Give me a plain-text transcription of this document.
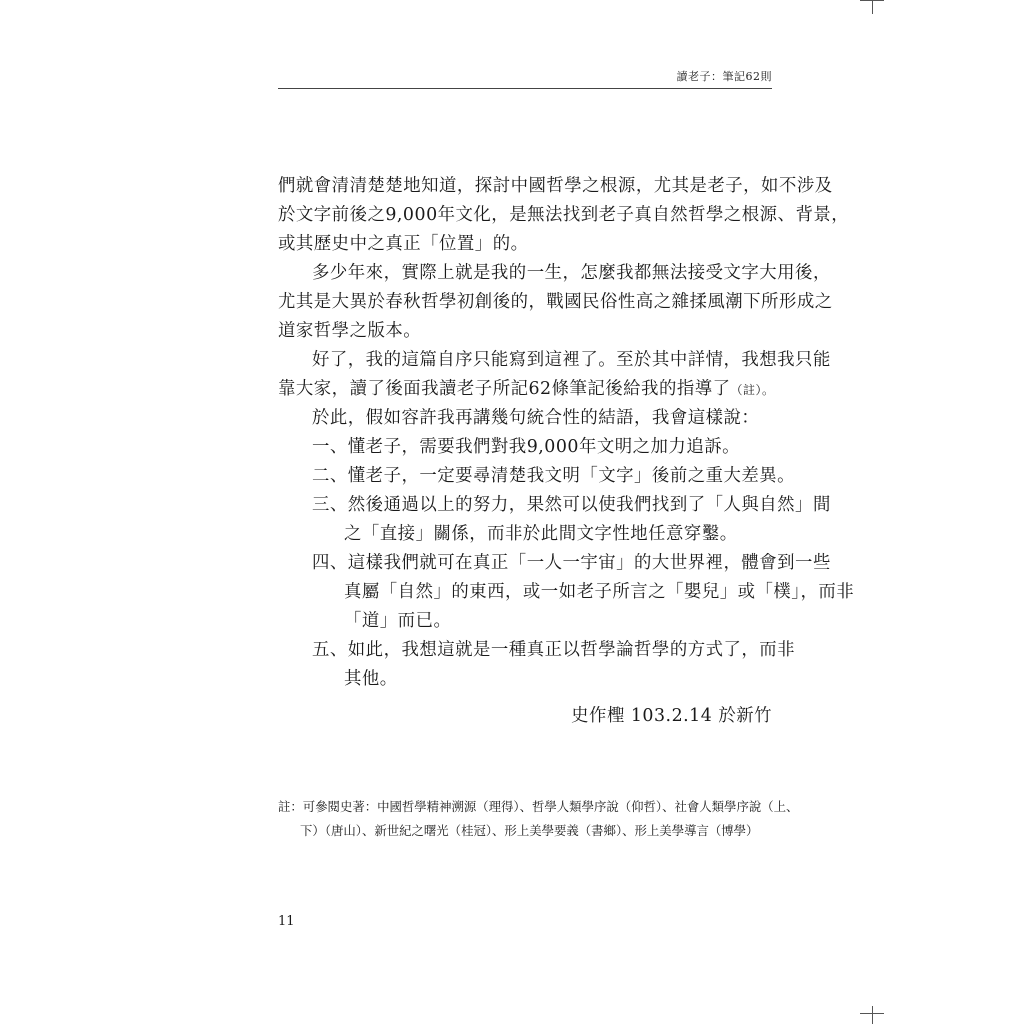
讀老子：筆記62則
們就會清清楚楚地知道，探討中國哲學之根源，尤其是老子，如不涉及
於文字前後之9,000年文化，是無法找到老子真自然哲學之根源、背景，
或其歷史中之真正「位置」的。
多少年來，實際上就是我的一生，怎麼我都無法接受文字大用後，
尤其是大異於春秋哲學初創後的，戰國民俗性高之雜揉風潮下所形成之
道家哲學之版本。
好了，我的這篇自序只能寫到這裡了。至於其中詳情，我想我只能
靠大家，讀了後面我讀老子所記62條筆記後給我的指導了（註）。
於此，假如容許我再講幾句統合性的結語，我會這樣說：
一、懂老子，需要我們對我9,000年文明之加力追訴。
二、懂老子，一定要尋清楚我文明「文字」後前之重大差異。
三、然後通過以上的努力，果然可以使我們找到了「人與自然」間
之「直接」關係，而非於此間文字性地任意穿鑿。
四、這樣我們就可在真正「一人一宇宙」的大世界裡，體會到一些
真屬「自然」的東西，或一如老子所言之「嬰兒」或「樸」，而非
「道」而已。
五、如此，我想這就是一種真正以哲學論哲學的方式了，而非
其他。
史作檉 103.2.14 於新竹
註：可參閱史著：中國哲學精神溯源（理得）、哲學人類學序說（仰哲）、社會人類學序說（上、
下）（唐山）、新世紀之曙光（桂冠）、形上美學要義（書鄉）、形上美學導言（博學）
11
